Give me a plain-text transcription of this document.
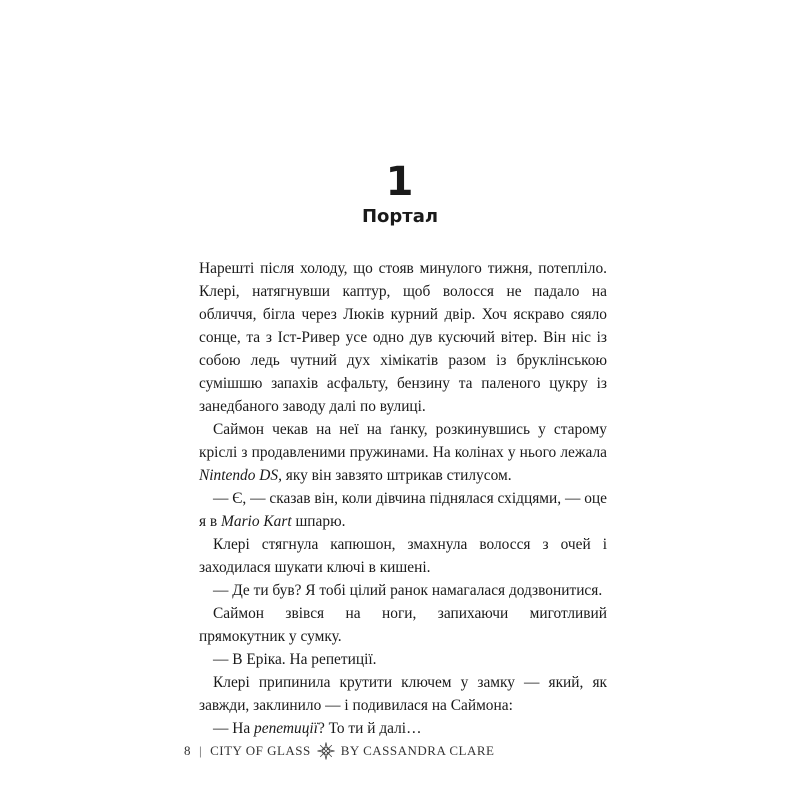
1
Портал

Нарешті після холоду, що стояв минулого тижня, потепліло. Клері, натягнувши каптур, щоб волосся не падало на обличчя, бігла через Люків курний двір. Хоч яскраво сяяло сонце, та з Іст-Ривер усе одно дув кусючий вітер. Він ніс із собою ледь чутний дух хімікатів разом із бруклінською сумішшю запахів асфальту, бензину та паленого цукру із занедбаного заводу далі по вулиці.

Саймон чекав на неї на ґанку, розкинувшись у старому кріслі з продавленими пружинами. На колінах у нього лежала Nintendo DS, яку він завзято штрикав стилусом.

— Є, — сказав він, коли дівчина піднялася східцями, — оце я в Mario Kart шпарю.

Клері стягнула капюшон, змахнула волосся з очей і заходилася шукати ключі в кишені.

— Де ти був? Я тобі цілий ранок намагалася додзвонитися.

Саймон звівся на ноги, запихаючи миготливий прямокутник у сумку.

— В Еріка. На репетиції.

Клері припинила крутити ключем у замку — який, як завжди, заклинило — і подивилася на Саймона:

— На репетиції? То ти й далі…

8 | CITY OF GLASS BY CASSANDRA CLARE
